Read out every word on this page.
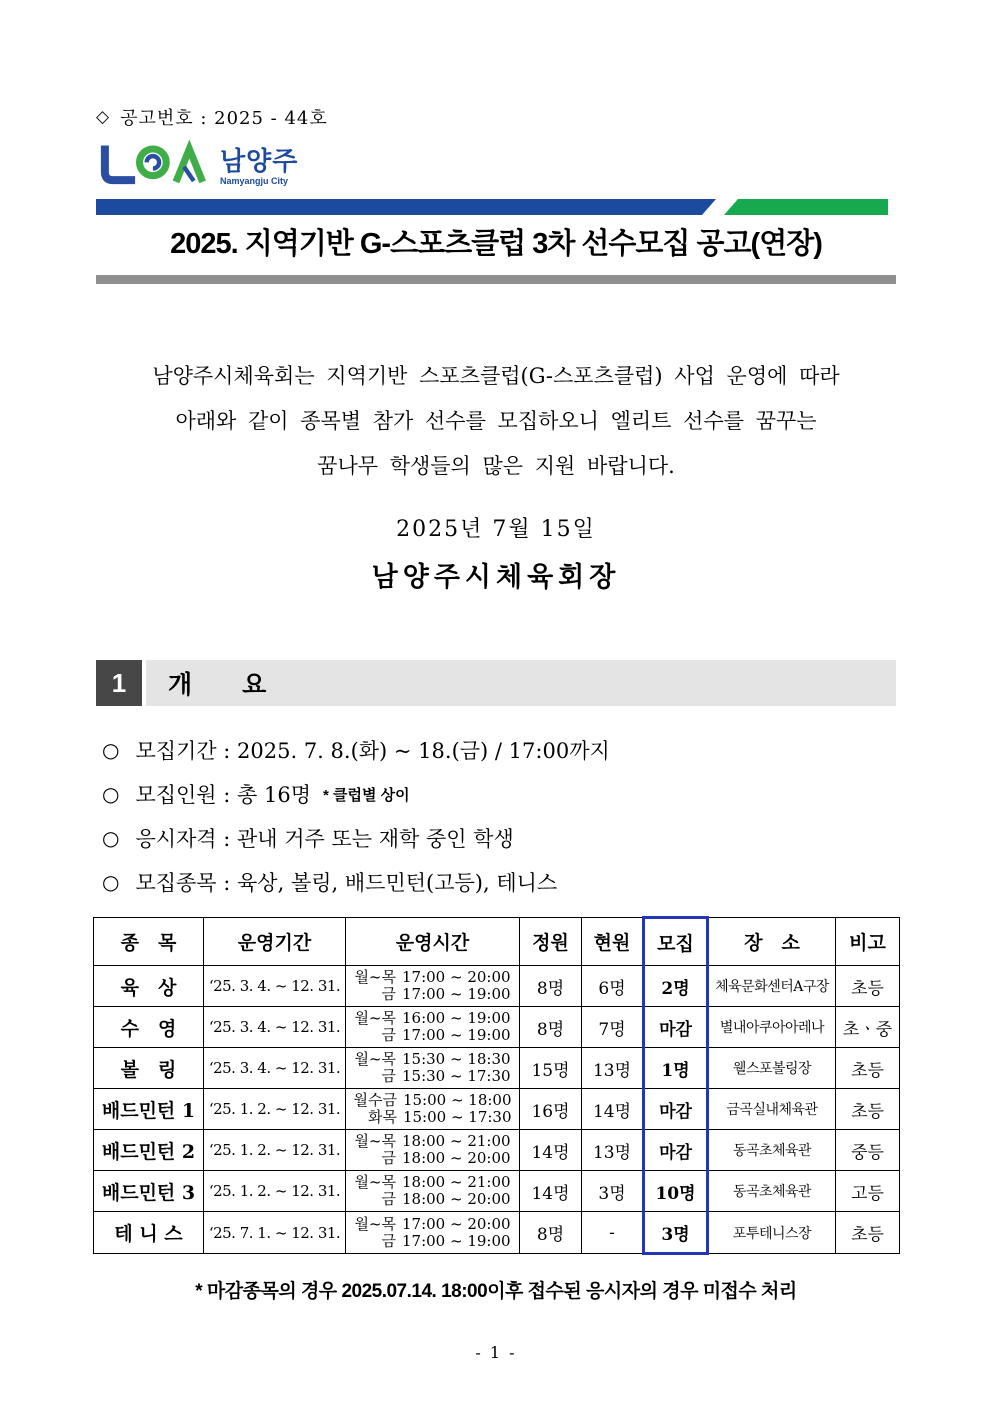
◇ 공고번호 : 2025 - 44호
남양주
Namyangju City
2025. 지역기반 G-스포츠클럽 3차 선수모집 공고(연장)
남양주시체육회는 지역기반 스포츠클럽(G-스포츠클럽) 사업 운영에 따라
아래와 같이 종목별 참가 선수를 모집하오니 엘리트 선수를 꿈꾸는
꿈나무 학생들의 많은 지원 바랍니다.
2025년 7월 15일
남양주시체육회장
1	개　　요
○ 모집기간 : 2025. 7. 8.(화) ~ 18.(금) / 17:00까지
○ 모집인원 : 총 16명 * 클럽별 상이
○ 응시자격 : 관내 거주 또는 재학 중인 학생
○ 모집종목 : 육상, 볼링, 배드민턴(고등), 테니스
종　목	운영기간	운영시간	정원	현원	모집	장　소	비고
육　상	‘25. 3. 4. ~ 12. 31.	월~목 17:00 ~ 20:00
금 17:00 ~ 19:00	8명	6명	2명	체육문화센터A구장	초등
수　영	‘25. 3. 4. ~ 12. 31.	월~목 16:00 ~ 19:00
금 17:00 ~ 19:00	8명	7명	마감	별내아쿠아아레나	초ㆍ중
볼　링	‘25. 3. 4. ~ 12. 31.	월~목 15:30 ~ 18:30
금 15:30 ~ 17:30	15명	13명	1명	웰스포볼링장	초등
배드민턴 1	‘25. 1. 2. ~ 12. 31.	월수금 15:00 ~ 18:00
화목 15:00 ~ 17:30	16명	14명	마감	금곡실내체육관	초등
배드민턴 2	‘25. 1. 2. ~ 12. 31.	월~목 18:00 ~ 21:00
금 18:00 ~ 20:00	14명	13명	마감	동곡초체육관	중등
배드민턴 3	‘25. 1. 2. ~ 12. 31.	월~목 18:00 ~ 21:00
금 18:00 ~ 20:00	14명	3명	10명	동곡초체육관	고등
테 니 스	‘25. 7. 1. ~ 12. 31.	월~목 17:00 ~ 20:00
금 17:00 ~ 19:00	8명	-	3명	포투테니스장	초등
* 마감종목의 경우 2025.07.14. 18:00이후 접수된 응시자의 경우 미접수 처리
- 1 -
